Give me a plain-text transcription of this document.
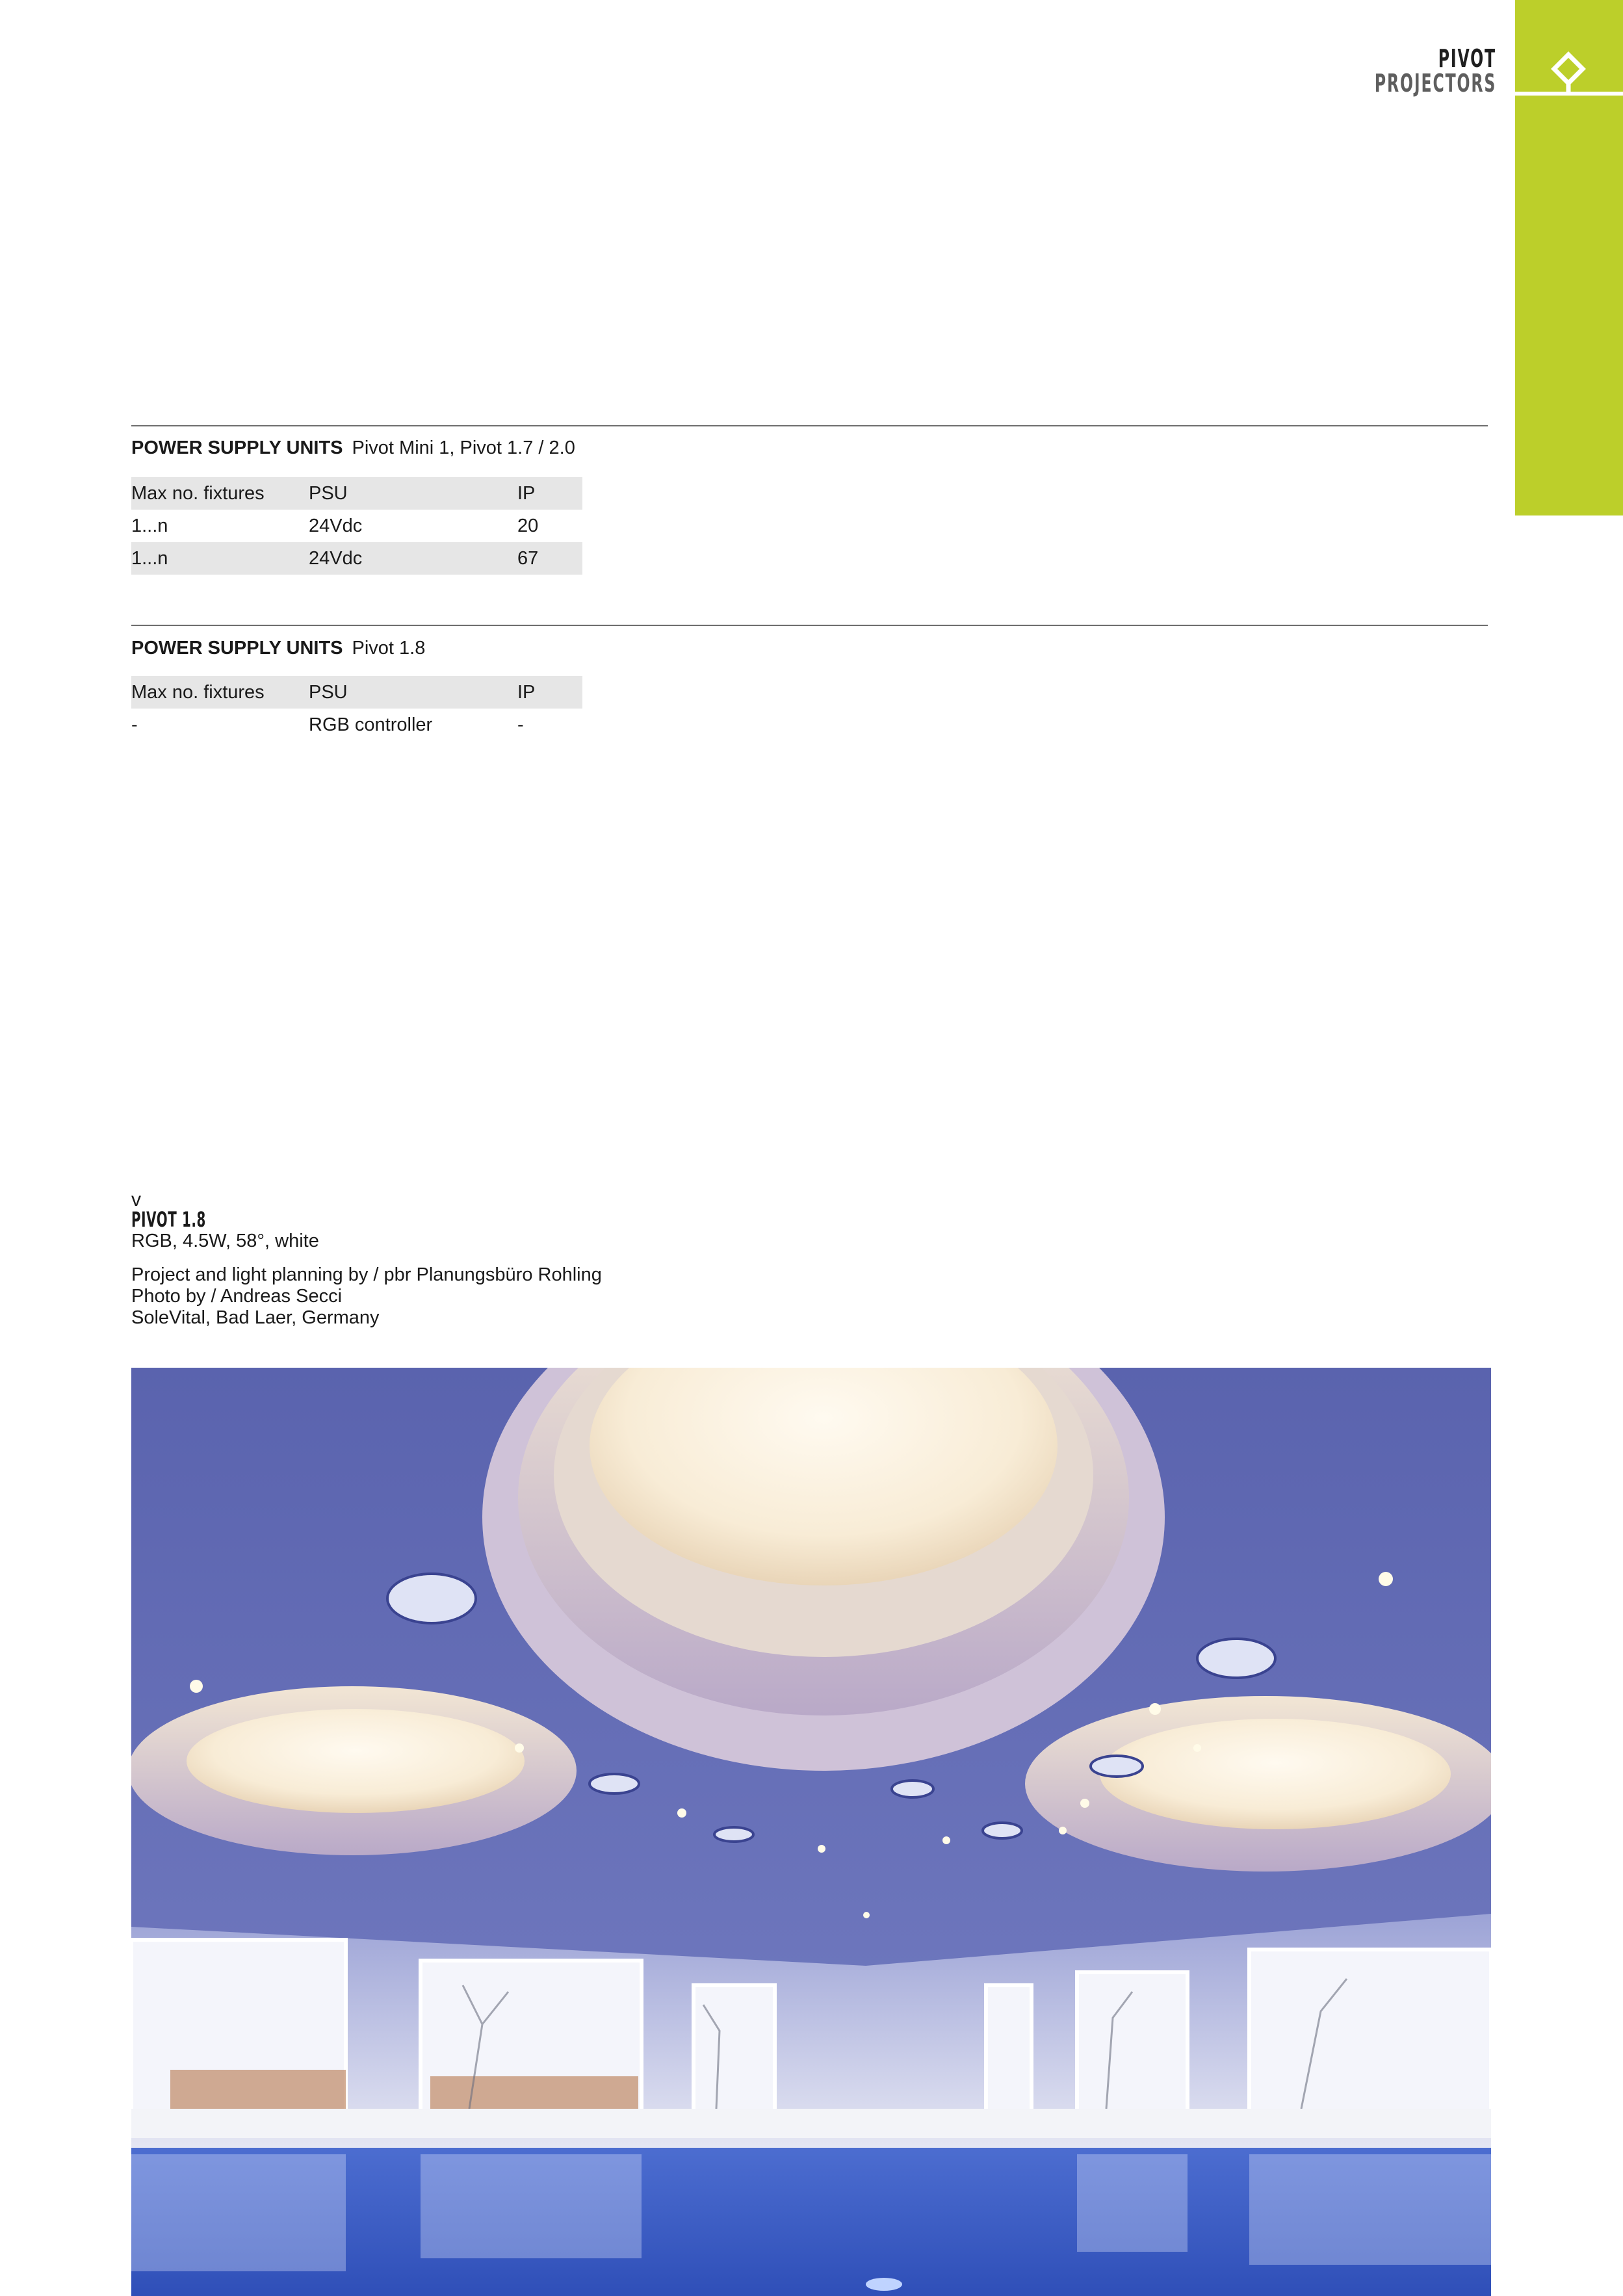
PIVOT
PROJECTORS
POWER SUPPLY UNITS Pivot Mini 1, Pivot 1.7 / 2.0
Max no. fixtures	PSU	IP
1...n	24Vdc	20
1...n	24Vdc	67
POWER SUPPLY UNITS Pivot 1.8
Max no. fixtures	PSU	IP
-	RGB controller	-
v
PIVOT 1.8
RGB, 4.5W, 58°, white
Project and light planning by / pbr Planungsbüro Rohling
Photo by / Andreas Secci
SoleVital, Bad Laer, Germany
